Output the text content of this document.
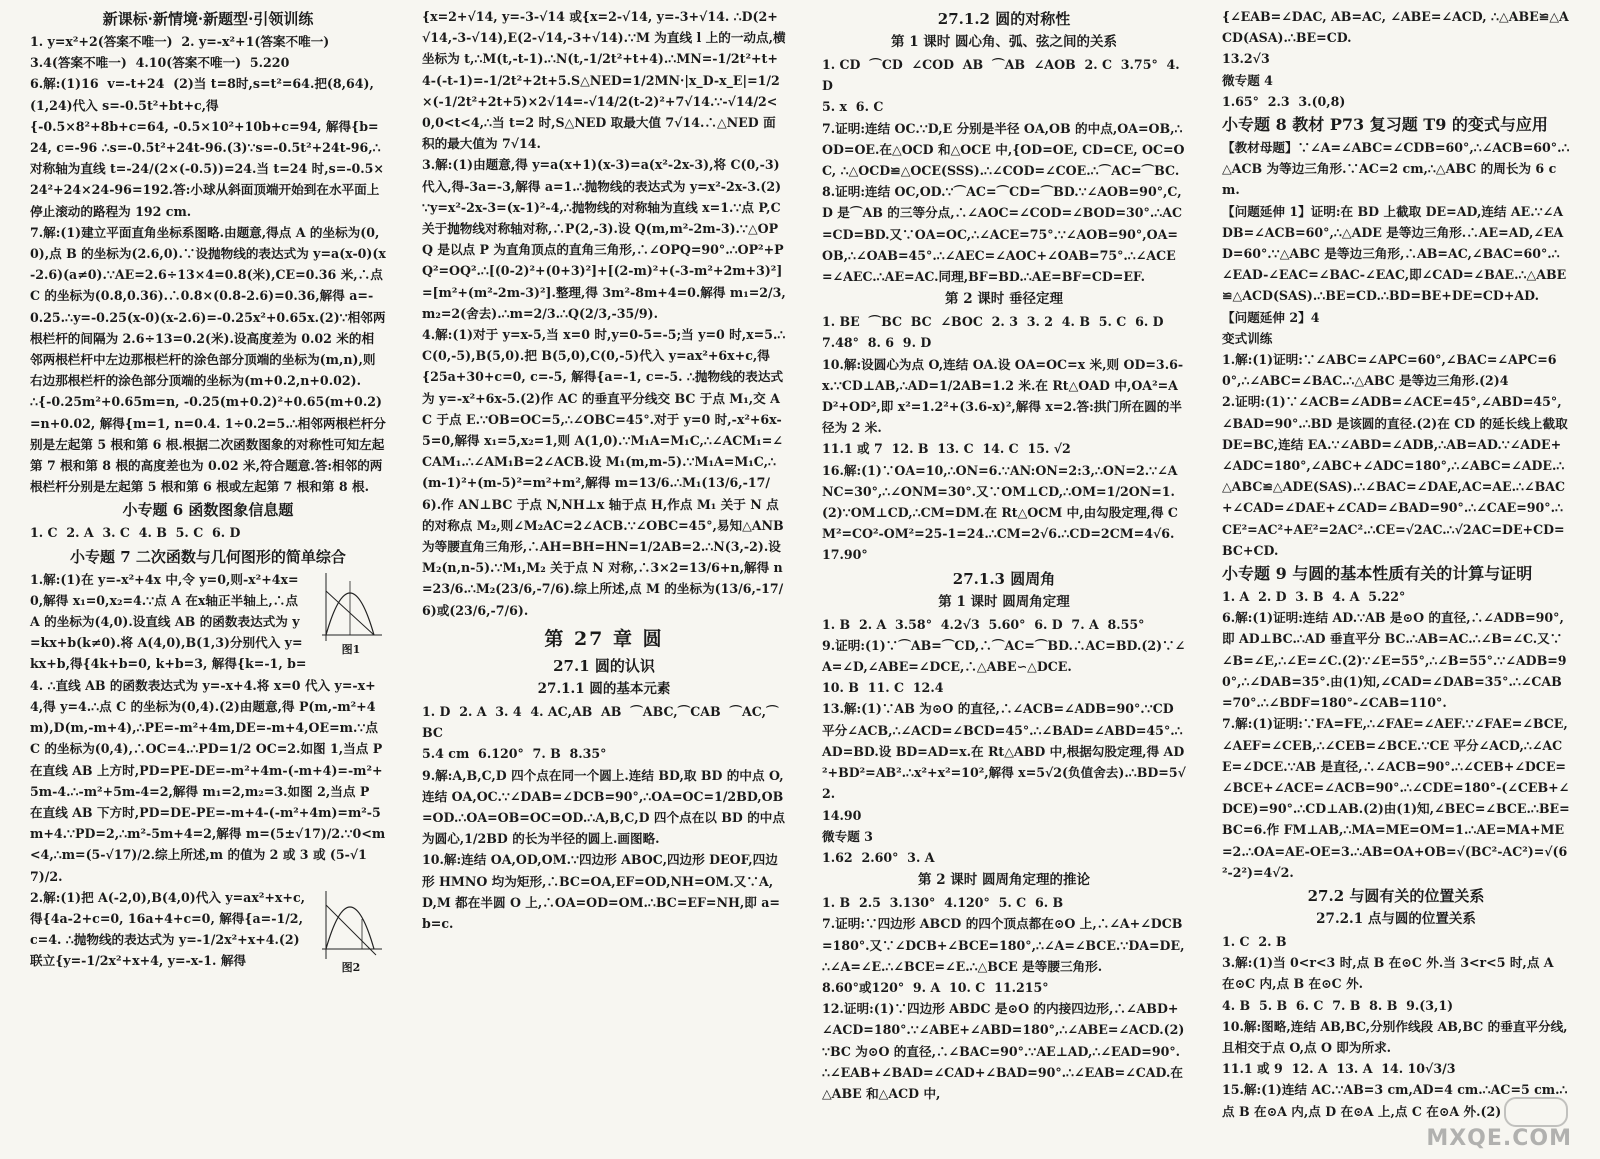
新课标·新情境·新题型·引领训练
1. y=x²+2(答案不唯一)  2. y=-x²+1(答案不唯一)
3.4(答案不唯一)  4.10(答案不唯一)  5.220
6.解:(1)16  v=-t+24  (2)当 t=8时,s=t²=64.把(8,64),(1,24)代入 s=-0.5t²+bt+c,得
{-0.5×8²+8b+c=64, -0.5×10²+10b+c=94, 解得{b=24, c=-96 ∴s=-0.5t²+24t-96.(3)∵s=-0.5t²+24t-96,∴对称轴为直线 t=-24/(2×(-0.5))=24.当 t=24 时,s=-0.5×24²+24×24-96=192.答:小球从斜面顶端开始到在水平面上停止滚动的路程为 192 cm.
7.解:(1)建立平面直角坐标系图略.由题意,得点 A 的坐标为(0,0),点 B 的坐标为(2.6,0).∵设抛物线的表达式为 y=a(x-0)(x-2.6)(a≠0).∵AE=2.6÷13×4=0.8(米),CE=0.36 米,∴点 C 的坐标为(0.8,0.36).∴0.8×(0.8-2.6)=0.36,解得 a=-0.25.∴y=-0.25(x-0)(x-2.6)=-0.25x²+0.65x.(2)∵相邻两根栏杆的间隔为 2.6÷13=0.2(米).设高度差为 0.02 米的相邻两根栏杆中左边那根栏杆的涂色部分顶端的坐标为(m,n),则右边那根栏杆的涂色部分顶端的坐标为(m+0.2,n+0.02).
∴{-0.25m²+0.65m=n, -0.25(m+0.2)²+0.65(m+0.2)=n+0.02, 解得{m=1, n=0.4. 1÷0.2=5.∴相邻两根栏杆分别是左起第 5 根和第 6 根.根据二次函数图象的对称性可知左起第 7 根和第 8 根的高度差也为 0.02 米,符合题意.答:相邻的两根栏杆分别是左起第 5 根和第 6 根或左起第 7 根和第 8 根.
小专题 6 函数图象信息题
1. C  2. A  3. C  4. B  5. C  6. D
小专题 7 二次函数与几何图形的简单综合
图1
1.解:(1)在 y=-x²+4x 中,令 y=0,则-x²+4x=0,解得 x₁=0,x₂=4.∵点 A 在x轴正半轴上,∴点 A 的坐标为(4,0).设直线 AB 的函数表达式为 y=kx+b(k≠0).将 A(4,0),B(1,3)分别代入 y=kx+b,得{4k+b=0, k+b=3, 解得{k=-1, b=4. ∴直线 AB 的函数表达式为 y=-x+4.将 x=0 代入 y=-x+4,得 y=4.∴点 C 的坐标为(0,4).(2)由题意,得 P(m,-m²+4m),D(m,-m+4),∴PE=-m²+4m,DE=-m+4,OE=m.∵点 C 的坐标为(0,4),∴OC=4.∴PD=1/2 OC=2.如图 1,当点 P 在直线 AB 上方时,PD=PE-DE=-m²+4m-(-m+4)=-m²+5m-4.∴-m²+5m-4=2,解得 m₁=2,m₂=3.如图 2,当点 P 在直线 AB 下方时,PD=DE-PE=-m+4-(-m²+4m)=m²-5m+4.∵PD=2,∴m²-5m+4=2,解得 m=(5±√17)/2.∵0<m<4,∴m=(5-√17)/2.综上所述,m 的值为 2 或 3 或 (5-√17)/2.
图2
2.解:(1)把 A(-2,0),B(4,0)代入 y=ax²+x+c,得{4a-2+c=0, 16a+4+c=0, 解得{a=-1/2, c=4. ∴抛物线的表达式为 y=-1/2x²+x+4.(2)联立{y=-1/2x²+x+4, y=-x-1. 解得
{x=2+√14, y=-3-√14 或{x=2-√14, y=-3+√14. ∴D(2+√14,-3-√14),E(2-√14,-3+√14).∵M 为直线 l 上的一动点,横坐标为 t,∴M(t,-t-1).∴N(t,-1/2t²+t+4).∴MN=-1/2t²+t+4-(-t-1)=-1/2t²+2t+5.S△NED=1/2MN·|x_D-x_E|=1/2×(-1/2t²+2t+5)×2√14=-√14/2(t-2)²+7√14.∵-√14/2<0,0<t<4,∴当 t=2 时,S△NED 取最大值 7√14.∴△NED 面积的最大值为 7√14.
3.解:(1)由题意,得 y=a(x+1)(x-3)=a(x²-2x-3),将 C(0,-3)代入,得-3a=-3,解得 a=1.∴抛物线的表达式为 y=x²-2x-3.(2)∵y=x²-2x-3=(x-1)²-4,∴抛物线的对称轴为直线 x=1.∵点 P,C 关于抛物线对称轴对称,∴P(2,-3).设 Q(m,m²-2m-3).∵△OPQ 是以点 P 为直角顶点的直角三角形,∴∠OPQ=90°.∴OP²+PQ²=OQ².∴[(0-2)²+(0+3)²]+[(2-m)²+(-3-m²+2m+3)²]=[m²+(m²-2m-3)²].整理,得 3m²-8m+4=0.解得 m₁=2/3,m₂=2(舍去).∴m=2/3.∴Q(2/3,-35/9).
4.解:(1)对于 y=x-5,当 x=0 时,y=0-5=-5;当 y=0 时,x=5.∴C(0,-5),B(5,0).把 B(5,0),C(0,-5)代入 y=ax²+6x+c,得{25a+30+c=0, c=-5, 解得{a=-1, c=-5. ∴抛物线的表达式为 y=-x²+6x-5.(2)作 AC 的垂直平分线交 BC 于点 M₁,交 AC 于点 E.∵OB=OC=5,∴∠OBC=45°.对于 y=0 时,-x²+6x-5=0,解得 x₁=5,x₂=1,则 A(1,0).∵M₁A=M₁C,∴∠ACM₁=∠CAM₁.∴∠AM₁B=2∠ACB.设 M₁(m,m-5).∵M₁A=M₁C,∴(m-1)²+(m-5)²=m²+m²,解得 m=13/6.∴M₁(13/6,-17/6).作 AN⊥BC 于点 N,NH⊥x 轴于点 H,作点 M₁ 关于 N 点的对称点 M₂,则∠M₂AC=2∠ACB.∵∠OBC=45°,易知△ANB 为等腰直角三角形,∴AH=BH=HN=1/2AB=2.∴N(3,-2).设 M₂(n,n-5).∵M₁,M₂ 关于点 N 对称,∴3×2=13/6+n,解得 n=23/6.∴M₂(23/6,-7/6).综上所述,点 M 的坐标为(13/6,-17/6)或(23/6,-7/6).
第 27 章 圆
27.1 圆的认识
27.1.1 圆的基本元素
1. D  2. A  3. 4  4. AC,AB  AB  ⌒ABC,⌒CAB  ⌒AC,⌒BC
5.4 cm  6.120°  7. B  8.35°
9.解:A,B,C,D 四个点在同一个圆上.连结 BD,取 BD 的中点 O,连结 OA,OC.∵∠DAB=∠DCB=90°,∴OA=OC=1/2BD,OB=OD.∴OA=OB=OC=OD.∴A,B,C,D 四个点在以 BD 的中点为圆心,1/2BD 的长为半径的圆上.画图略.
10.解:连结 OA,OD,OM.∵四边形 ABOC,四边形 DEOF,四边形 HMNO 均为矩形,∴BC=OA,EF=OD,NH=OM.又∵A,D,M 都在半圆 O 上,∴OA=OD=OM.∴BC=EF=NH,即 a=b=c.
27.1.2 圆的对称性
第 1 课时 圆心角、弧、弦之间的关系
1. CD  ⌒CD  ∠COD  AB  ⌒AB  ∠AOB  2. C  3.75°  4. D
5. x  6. C
7.证明:连结 OC.∵D,E 分别是半径 OA,OB 的中点,OA=OB,∴OD=OE.在△OCD 和△OCE 中,{OD=OE, CD=CE, OC=OC, ∴△OCD≌△OCE(SSS).∴∠COD=∠COE.∴⌒AC=⌒BC.
8.证明:连结 OC,OD.∵⌒AC=⌒CD=⌒BD.∵∠AOB=90°,C,D 是⌒AB 的三等分点,∴∠AOC=∠COD=∠BOD=30°.∴AC=CD=BD.又∵OA=OC,∴∠ACE=75°.∵∠AOB=90°,OA=OB,∴∠OAB=45°.∴∠AEC=∠AOC+∠OAB=75°.∴∠ACE=∠AEC.∴AE=AC.同理,BF=BD.∴AE=BF=CD=EF.
第 2 课时 垂径定理
1. BE  ⌒BC  BC  ∠BOC  2. 3  3. 2  4. B  5. C  6. D
7.48°  8. 6  9. D
10.解:设圆心为点 O,连结 OA.设 OA=OC=x 米,则 OD=3.6-x.∵CD⊥AB,∴AD=1/2AB=1.2 米.在 Rt△OAD 中,OA²=AD²+OD²,即 x²=1.2²+(3.6-x)²,解得 x=2.答:拱门所在圆的半径为 2 米.
11.1 或 7  12. B  13. C  14. C  15. √2
16.解:(1)∵OA=10,∴ON=6.∵AN:ON=2:3,∴ON=2.∵∠ANC=30°,∴∠ONM=30°.又∵OM⊥CD,∴OM=1/2ON=1.(2)∵OM⊥CD,∴CM=DM.在 Rt△OCM 中,由勾股定理,得 CM²=CO²-OM²=25-1=24.∴CM=2√6.∴CD=2CM=4√6.
17.90°
27.1.3 圆周角
第 1 课时 圆周角定理
1. B  2. A  3.58°  4.2√3  5.60°  6. D  7. A  8.55°
9.证明:(1)∵⌒AB=⌒CD,∴⌒AC=⌒BD.∴AC=BD.(2)∵∠A=∠D,∠ABE=∠DCE,∴△ABE∽△DCE.
10. B  11. C  12.4
13.解:(1)∵AB 为⊙O 的直径,∴∠ACB=∠ADB=90°.∵CD 平分∠ACB,∴∠ACD=∠BCD=45°.∴∠BAD=∠ABD=45°.∴AD=BD.设 BD=AD=x.在 Rt△ABD 中,根据勾股定理,得 AD²+BD²=AB².∴x²+x²=10²,解得 x=5√2(负值舍去).∴BD=5√2.
14.90
微专题 3
1.62  2.60°  3. A
第 2 课时 圆周角定理的推论
1. B  2.5  3.130°  4.120°  5. C  6. B
7.证明:∵四边形 ABCD 的四个顶点都在⊙O 上,∴∠A+∠DCB=180°.又∵∠DCB+∠BCE=180°,∴∠A=∠BCE.∵DA=DE,∴∠A=∠E.∴∠BCE=∠E.∴△BCE 是等腰三角形.
8.60°或120°  9. A  10. C  11.215°
12.证明:(1)∵四边形 ABDC 是⊙O 的内接四边形,∴∠ABD+∠ACD=180°.∵∠ABE+∠ABD=180°,∴∠ABE=∠ACD.(2)∵BC 为⊙O 的直径,∴∠BAC=90°.∵AE⊥AD,∴∠EAD=90°.∴∠EAB+∠BAD=∠CAD+∠BAD=90°.∴∠EAB=∠CAD.在△ABE 和△ACD 中,
{∠EAB=∠DAC, AB=AC, ∠ABE=∠ACD, ∴△ABE≌△ACD(ASA).∴BE=CD.
13.2√3
微专题 4
1.65°  2.3  3.(0,8)
小专题 8 教材 P73 复习题 T9 的变式与应用
【教材母题】∵∠A=∠ABC=∠CDB=60°,∴∠ACB=60°.∴△ACB 为等边三角形.∵AC=2 cm,∴△ABC 的周长为 6 cm.
【问题延伸 1】证明:在 BD 上截取 DE=AD,连结 AE.∵∠ADB=∠ACB=60°,∴△ADE 是等边三角形.∴AE=AD,∠EAD=60°.∵△ABC 是等边三角形,∴AB=AC,∠BAC=60°.∴∠EAD-∠EAC=∠BAC-∠EAC,即∠CAD=∠BAE.∴△ABE≌△ACD(SAS).∴BE=CD.∴BD=BE+DE=CD+AD.
【问题延伸 2】4
变式训练
1.解:(1)证明:∵∠ABC=∠APC=60°,∠BAC=∠APC=60°,∴∠ABC=∠BAC.∴△ABC 是等边三角形.(2)4
2.证明:(1)∵∠ACB=∠ADB=∠ACE=45°,∠ABD=45°,∠BAD=90°.∴BD 是该圆的直径.(2)在 CD 的延长线上截取 DE=BC,连结 EA.∵∠ABD=∠ADB,∴AB=AD.∵∠ADE+∠ADC=180°,∠ABC+∠ADC=180°,∴∠ABC=∠ADE.∴△ABC≌△ADE(SAS).∴∠BAC=∠DAE,AC=AE.∴∠BAC+∠CAD=∠DAE+∠CAD=∠BAD=90°.∴∠CAE=90°.∴CE²=AC²+AE²=2AC².∴CE=√2AC.∴√2AC=DE+CD=BC+CD.
小专题 9 与圆的基本性质有关的计算与证明
1. A  2. D  3. B  4. A  5.22°
6.解:(1)证明:连结 AD.∵AB 是⊙O 的直径,∴∠ADB=90°,即 AD⊥BC.∴AD 垂直平分 BC.∴AB=AC.∴∠B=∠C.又∵∠B=∠E,∴∠E=∠C.(2)∵∠E=55°,∴∠B=55°.∵∠ADB=90°,∴∠DAB=35°.由(1)知,∠CAD=∠DAB=35°.∴∠CAB=70°.∴∠BDF=180°-∠CAB=110°.
7.解:(1)证明:∵FA=FE,∴∠FAE=∠AEF.∵∠FAE=∠BCE,∠AEF=∠CEB,∴∠CEB=∠BCE.∵CE 平分∠ACD,∴∠ACE=∠DCE.∵AB 是直径,∴∠ACB=90°.∴∠CEB+∠DCE=∠BCE+∠ACE=∠ACB=90°.∴∠CDE=180°-(∠CEB+∠DCE)=90°.∴CD⊥AB.(2)由(1)知,∠BEC=∠BCE.∴BE=BC=6.作 FM⊥AB,∴MA=ME=OM=1.∴AE=MA+ME=2.∴OA=AE-OE=3.∴AB=OA+OB=√(BC²-AC²)=√(6²-2²)=4√2.
27.2 与圆有关的位置关系
27.2.1 点与圆的位置关系
1. C  2. B
3.解:(1)当 0<r<3 时,点 B 在⊙C 外.当 3<r<5 时,点 A 在⊙C 内,点 B 在⊙C 外.
4. B  5. B  6. C  7. B  8. B  9.(3,1)
10.解:图略,连结 AB,BC,分别作线段 AB,BC 的垂直平分线,且相交于点 O,点 O 即为所求.
11.1 或 9  12. A  13. A  14. 10√3/3
15.解:(1)连结 AC.∵AB=3 cm,AD=4 cm.∴AC=5 cm.∴点 B 在⊙A 内,点 D 在⊙A 上,点 C 在⊙A 外.(2)
MXQE.COM
